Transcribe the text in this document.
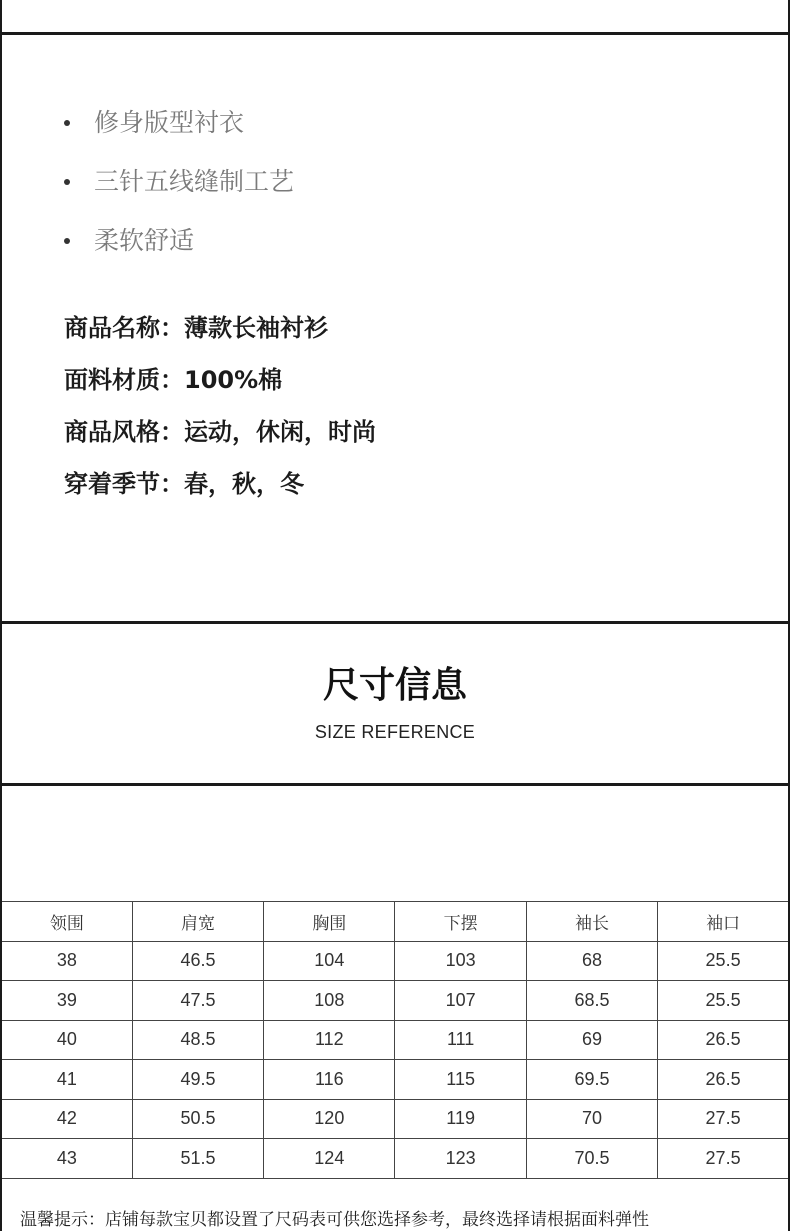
修身版型衬衣
三针五线缝制工艺
柔软舒适
商品名称：薄款长袖衬衫
面料材质：100%棉
商品风格：运动，休闲，时尚
穿着季节：春，秋，冬
尺寸信息
SIZE REFERENCE
领围	肩宽	胸围	下摆	袖长	袖口
38	46.5	104	103	68	25.5
39	47.5	108	107	68.5	25.5
40	48.5	112	111	69	26.5
41	49.5	116	115	69.5	26.5
42	50.5	120	119	70	27.5
43	51.5	124	123	70.5	27.5
温馨提示：店铺每款宝贝都设置了尺码表可供您选择参考，最终选择请根据面料弹性
